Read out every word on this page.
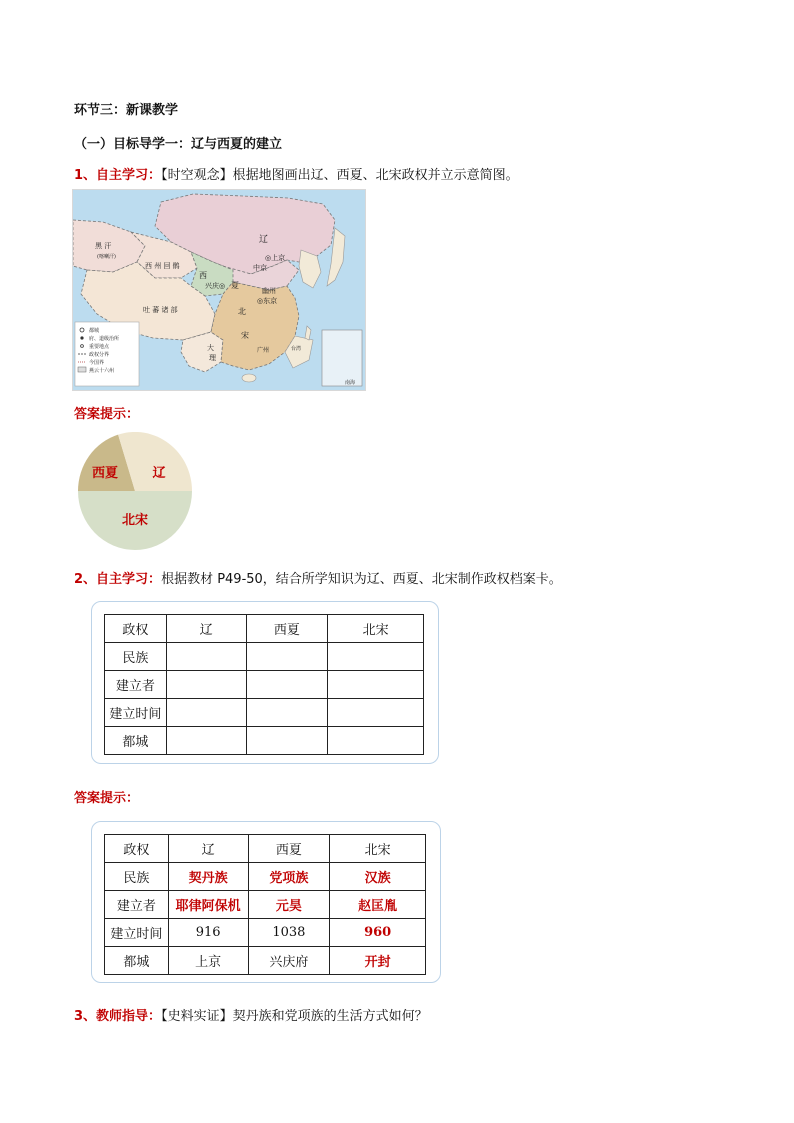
环节三：新课教学
（一）目标导学一：辽与西夏的建立
1、自主学习：【时空观念】根据地图画出辽、西夏、北宋政权并立示意简图。
辽
◎上京
中京
西
兴庆◎ 夏
幽州
◎东京
北
宋
广州
大
理
吐 蕃 诸 部
西 州 回 鹘
黑 汗
(喀喇汗)
台湾
南海
都城
府、道级治所
重要地点
政权分界
今国界
燕云十六州
答案提示：
西夏	辽
北宋
2、自主学习：根据教材 P49-50，结合所学知识为辽、西夏、北宋制作政权档案卡。
政权	辽	西夏	北宋
民族			
建立者			
建立时间			
都城			
答案提示：
政权	辽	西夏	北宋
民族	契丹族	党项族	汉族
建立者	耶律阿保机	元昊	赵匡胤
建立时间	916	1038	960
都城	上京	兴庆府	开封
3、教师指导：【史料实证】契丹族和党项族的生活方式如何？
